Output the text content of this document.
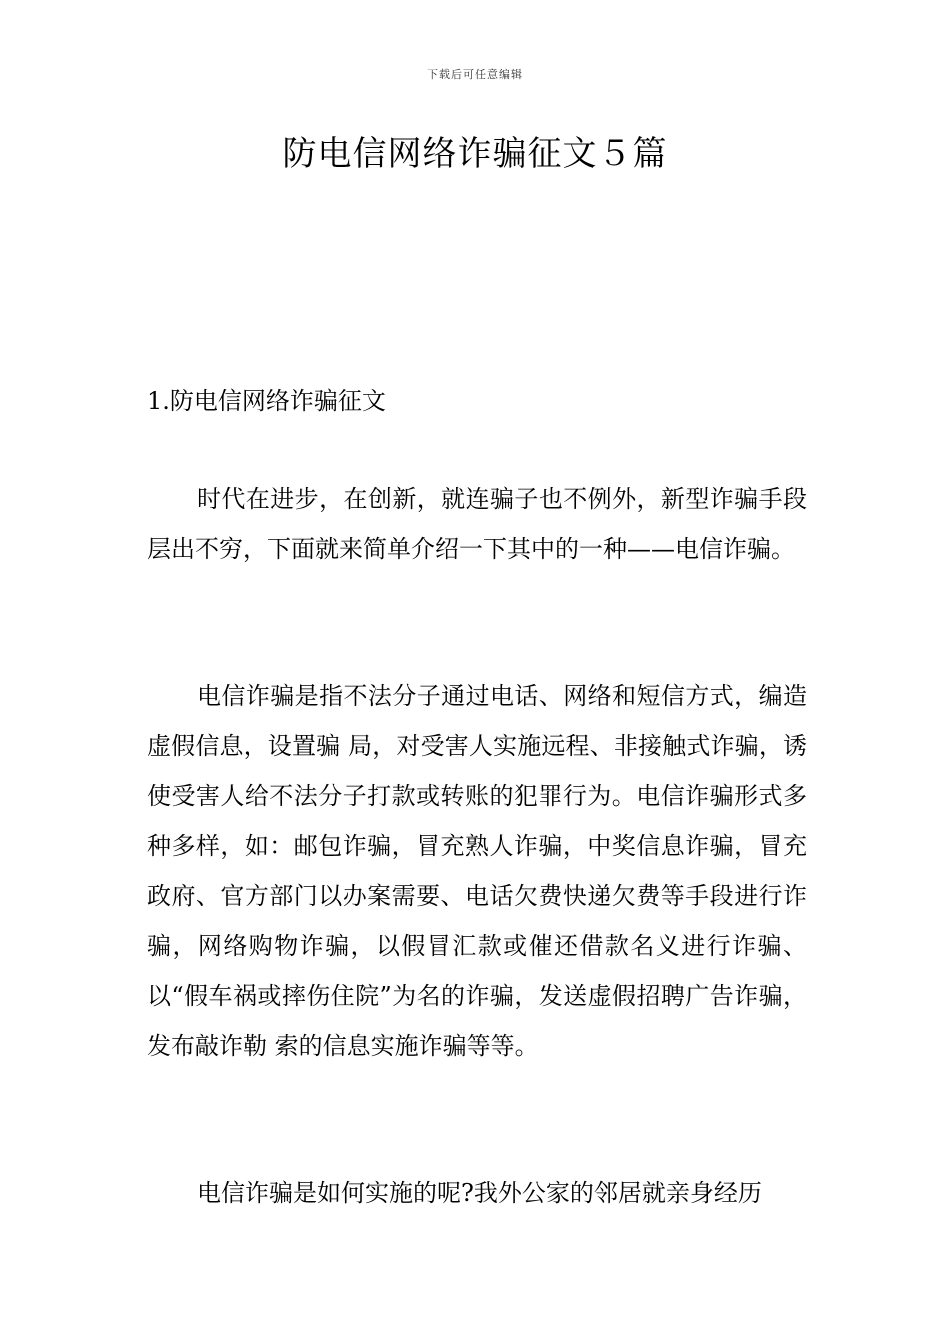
下载后可任意编辑
防电信网络诈骗征文５篇
1.防电信网络诈骗征文

时代在进步，在创新，就连骗子也不例外，新型诈骗手段层出不穷，下面就来简单介绍一下其中的一种——电信诈骗。

电信诈骗是指不法分子通过电话、网络和短信方式，编造虚假信息，设置骗 局，对受害人实施远程、非接触式诈骗，诱使受害人给不法分子打款或转账的犯罪行为。电信诈骗形式多种多样，如：邮包诈骗，冒充熟人诈骗，中奖信息诈骗，冒充政府、官方部门以办案需要、电话欠费快递欠费等手段进行诈骗，网络购物诈骗，以假冒汇款或催还借款名义进行诈骗、以“假车祸或摔伤住院”为名的诈骗，发送虚假招聘广告诈骗，发布敲诈勒 索的信息实施诈骗等等。

电信诈骗是如何实施的呢?我外公家的邻居就亲身经历
